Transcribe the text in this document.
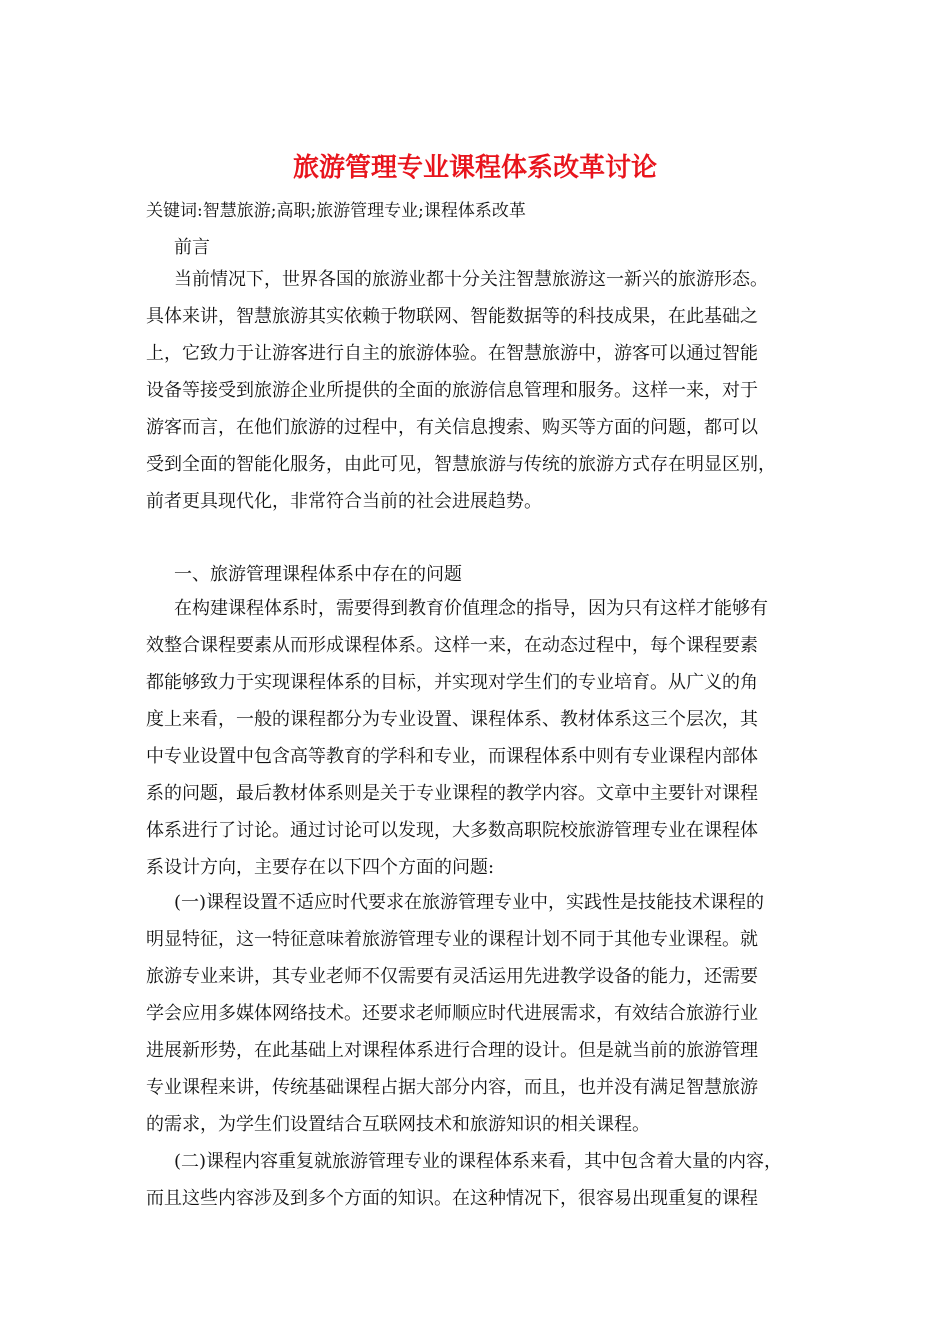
旅游管理专业课程体系改革讨论

关键词:智慧旅游;高职;旅游管理专业;课程体系改革

前言

当前情况下，世界各国的旅游业都十分关注智慧旅游这一新兴的旅游形态。

具体来讲，智慧旅游其实依赖于物联网、智能数据等的科技成果，在此基础之

上，它致力于让游客进行自主的旅游体验。在智慧旅游中，游客可以通过智能

设备等接受到旅游企业所提供的全面的旅游信息管理和服务。这样一来，对于

游客而言，在他们旅游的过程中，有关信息搜索、购买等方面的问题，都可以

受到全面的智能化服务，由此可见，智慧旅游与传统的旅游方式存在明显区别，

前者更具现代化，非常符合当前的社会进展趋势。

一、旅游管理课程体系中存在的问题

在构建课程体系时，需要得到教育价值理念的指导，因为只有这样才能够有

效整合课程要素从而形成课程体系。这样一来，在动态过程中，每个课程要素

都能够致力于实现课程体系的目标，并实现对学生们的专业培育。从广义的角

度上来看，一般的课程都分为专业设置、课程体系、教材体系这三个层次，其

中专业设置中包含高等教育的学科和专业，而课程体系中则有专业课程内部体

系的问题，最后教材体系则是关于专业课程的教学内容。文章中主要针对课程

体系进行了讨论。通过讨论可以发现，大多数高职院校旅游管理专业在课程体

系设计方向，主要存在以下四个方面的问题:

(一)课程设置不适应时代要求在旅游管理专业中，实践性是技能技术课程的

明显特征，这一特征意味着旅游管理专业的课程计划不同于其他专业课程。就

旅游专业来讲，其专业老师不仅需要有灵活运用先进教学设备的能力，还需要

学会应用多媒体网络技术。还要求老师顺应时代进展需求，有效结合旅游行业

进展新形势，在此基础上对课程体系进行合理的设计。但是就当前的旅游管理

专业课程来讲，传统基础课程占据大部分内容，而且，也并没有满足智慧旅游

的需求，为学生们设置结合互联网技术和旅游知识的相关课程。

(二)课程内容重复就旅游管理专业的课程体系来看，其中包含着大量的内容，

而且这些内容涉及到多个方面的知识。在这种情况下，很容易出现重复的课程
